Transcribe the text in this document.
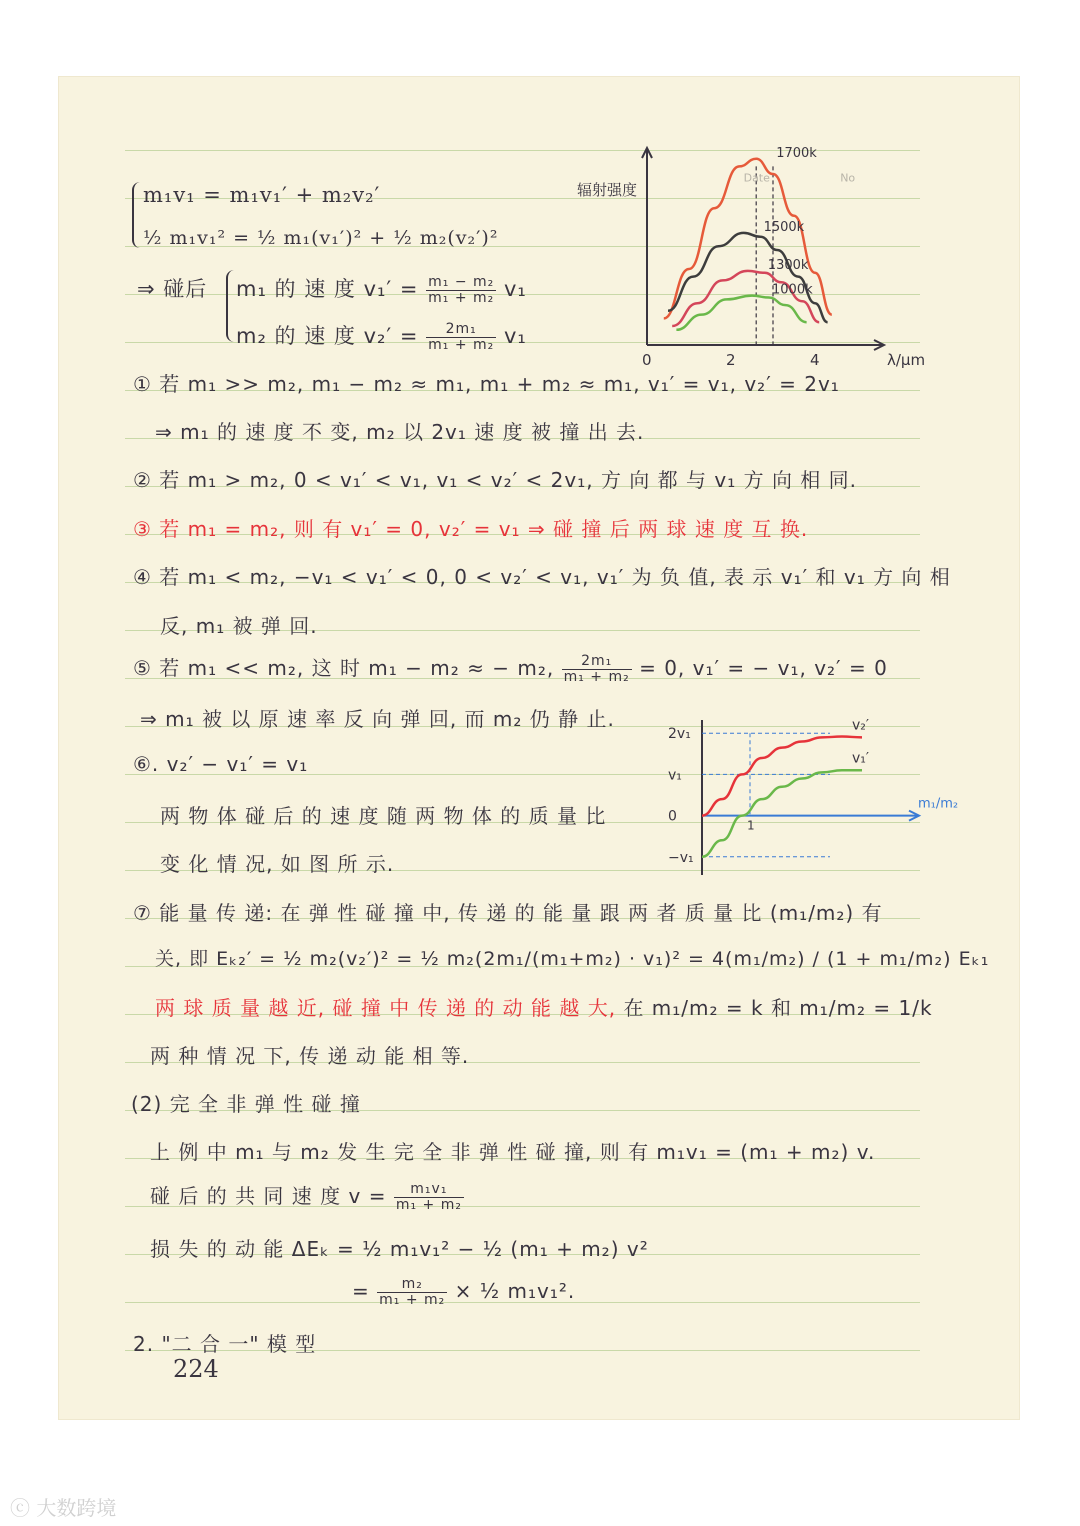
m₁v₁ = m₁v₁′ + m₂v₂′
½ m₁v₁² = ½ m₁(v₁′)² + ½ m₂(v₂′)²
⇒ 碰后 m₁ 的 速 度 $v_1' = \frac{\text{m₁ − m₂}}{\text{m₁ + m₂}} v_1$
m₂ 的 速 度 $v_2' = \frac{\text{2m₁}}{\text{m₁ + m₂}} v_1$
辐射强度
λ/μm
0	2	4
1700k
1500k
1300k
1000k
Date	No
① 若 m₁ >> m₂, m₁ − m₂ ≈ m₁, m₁ + m₂ ≈ m₁, v₁′ = v₁, v₂′ = 2v₁
⇒ m₁ 的 速 度 不 变, m₂ 以 2v₁ 速 度 被 撞 出 去.
② 若 m₁ > m₂, 0 < v₁′ < v₁, v₁ < v₂′ < 2v₁, 方 向 都 与 v₁ 方 向 相 同.
③ 若 m₁ = m₂, 则 有 v₁′ = 0, v₂′ = v₁ ⇒ 碰 撞 后 两 球 速 度 互 换.
④ 若 m₁ < m₂, −v₁ < v₁′ < 0, 0 < v₂′ < v₁, v₁′ 为 负 值, 表 示 v₁′ 和 v₁ 方 向 相
反, m₁ 被 弹 回.
⑤ 若 m₁ << m₂, 这 时 m₁ − m₂ ≈ − m₂, $\frac{\text{2m₁}}{\text{m₁ + m₂}} = 0$, v₁′ = − v₁, v₂′ = 0
⇒ m₁ 被 以 原 速 率 反 向 弹 回, 而 m₂ 仍 静 止.
⑥. v₂′ − v₁′ = v₁
两 物 体 碰 后 的 速 度 随 两 物 体 的 质 量 比
变 化 情 况, 如 图 所 示.
2v₁
v₁
0
−v₁
1
m₁/m₂
v₂′
v₁′
⑦ 能 量 传 递: 在 弹 性 碰 撞 中, 传 递 的 能 量 跟 两 者 质 量 比 (m₁/m₂) 有
关, 即 Eₖ₂′ = ½ m₂(v₂′)² = ½ m₂(2m₁/(m₁+m₂) · v₁)² = 4(m₁/m₂) / (1 + m₁/m₂) Eₖ₁
两 球 质 量 越 近, 碰 撞 中 传 递 的 动 能 越 大, 在 m₁/m₂ = k 和 m₁/m₂ = 1/k
两 种 情 况 下, 传 递 动 能 相 等.
(2) 完 全 非 弹 性 碰 撞
上 例 中 m₁ 与 m₂ 发 生 完 全 非 弹 性 碰 撞, 则 有 m₁v₁ = (m₁ + m₂) v.
碰 后 的 共 同 速 度 $v = \frac{\text{m₁v₁}}{\text{m₁ + m₂}}$
损 失 的 动 能 ΔEₖ = ½ m₁v₁² − ½ (m₁ + m₂) v²
= $\frac{\text{m₂}}{\text{m₁ + m₂}}$ × ½ m₁v₁².
2. "二 合 一" 模 型
224
ⓒ 大数跨境
